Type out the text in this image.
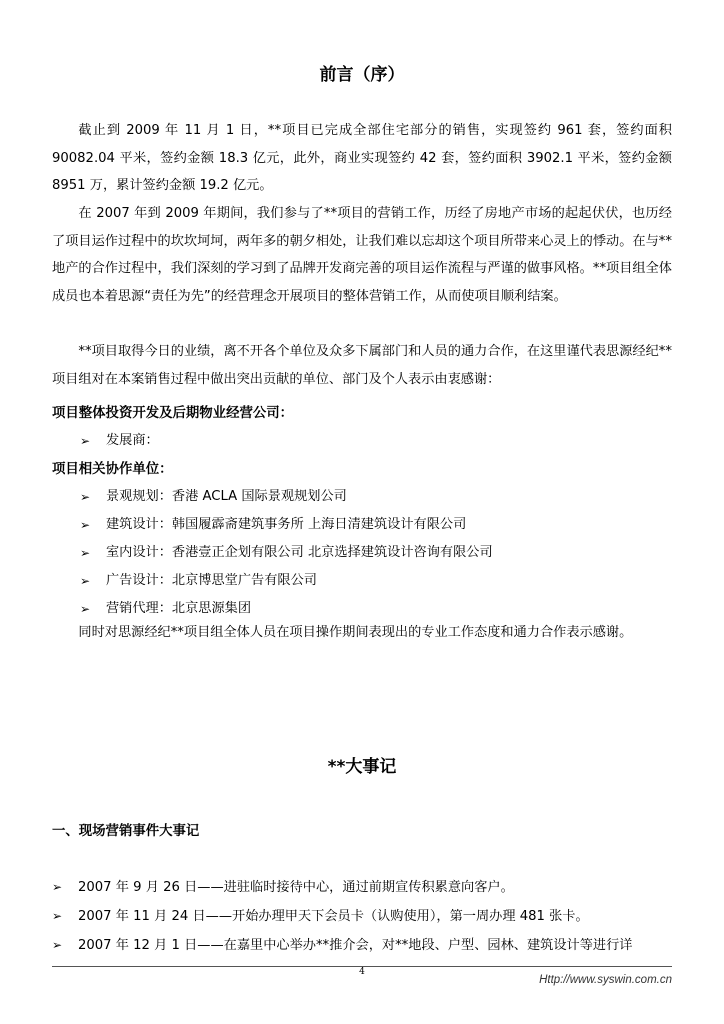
前言（序）

截止到 2009 年 11 月 1 日，**项目已完成全部住宅部分的销售，实现签约 961 套，签约面积 90082.04 平米，签约金额 18.3 亿元，此外，商业实现签约 42 套，签约面积 3902.1 平米，签约金额 8951 万，累计签约金额 19.2 亿元。

在 2007 年到 2009 年期间，我们参与了**项目的营销工作，历经了房地产市场的起起伏伏，也历经了项目运作过程中的坎坎坷坷，两年多的朝夕相处，让我们难以忘却这个项目所带来心灵上的悸动。在与**地产的合作过程中，我们深刻的学习到了品牌开发商完善的项目运作流程与严谨的做事风格。**项目组全体成员也本着思源“责任为先”的经营理念开展项目的整体营销工作，从而使项目顺利结案。

**项目取得今日的业绩，离不开各个单位及众多下属部门和人员的通力合作，在这里谨代表思源经纪**项目组对在本案销售过程中做出突出贡献的单位、部门及个人表示由衷感谢：

项目整体投资开发及后期物业经营公司：
➢	发展商：
项目相关协作单位：
➢	景观规划：香港 ACLA 国际景观规划公司
➢	建筑设计：韩国履霹斋建筑事务所 上海日清建筑设计有限公司
➢	室内设计：香港壹正企划有限公司 北京选择建筑设计咨询有限公司
➢	广告设计：北京博思堂广告有限公司
➢	营销代理：北京思源集团

同时对思源经纪**项目组全体人员在项目操作期间表现出的专业工作态度和通力合作表示感谢。

**大事记
一、现场营销事件大事记
➢	2007 年 9 月 26 日——进驻临时接待中心，通过前期宣传积累意向客户。
➢	2007 年 11 月 24 日——开始办理甲天下会员卡（认购使用），第一周办理 481 张卡。
➢	2007 年 12 月 1 日——在嘉里中心举办**推介会，对**地段、户型、园林、建筑设计等进行详
4
Http://www.syswin.com.cn
